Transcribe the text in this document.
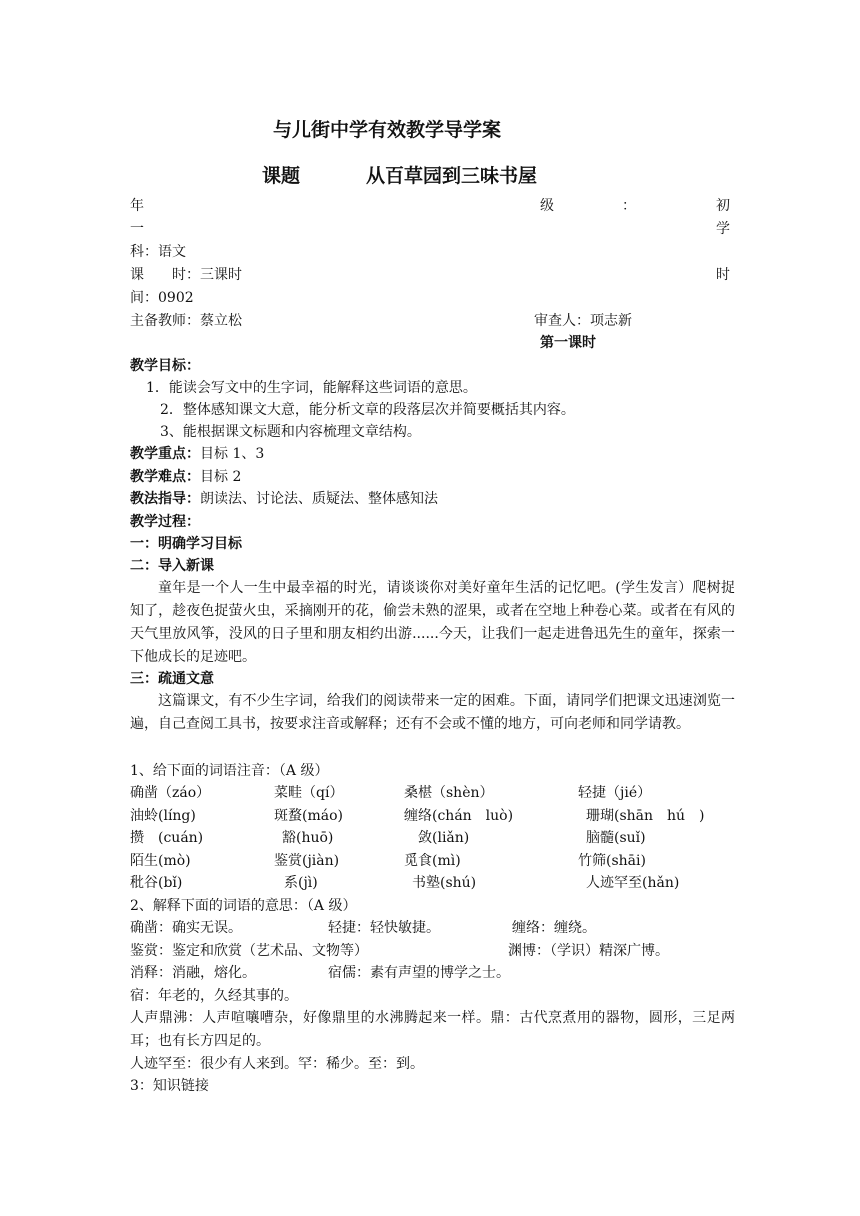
与儿街中学有效教学导学案
课题	从百草园到三味书屋
年	级	：	初
一	学
科：语文
课　　时：三课时	时
间：0902
主备教师：蔡立松	审查人：项志新
第一课时
教学目标：
1．能读会写文中的生字词，能解释这些词语的意思。
2．整体感知课文大意，能分析文章的段落层次并简要概括其内容。
3、能根据课文标题和内容梳理文章结构。
教学重点：目标 1、3
教学难点：目标 2
教法指导：朗读法、讨论法、质疑法、整体感知法
教学过程：
一：明确学习目标
二：导入新课
童年是一个人一生中最幸福的时光，请谈谈你对美好童年生活的记忆吧。(学生发言）爬树捉知了，趁夜色捉萤火虫，采摘刚开的花，偷尝未熟的涩果，或者在空地上种卷心菜。或者在有风的天气里放风筝，没风的日子里和朋友相约出游......今天，让我们一起走进鲁迅先生的童年，探索一下他成长的足迹吧。
三：疏通文意
这篇课文，有不少生字词，给我们的阅读带来一定的困难。下面，请同学们把课文迅速浏览一遍，自己查阅工具书，按要求注音或解释；还有不会或不懂的地方，可向老师和同学请教。
1、给下面的词语注音：（A 级）
确凿（záo）	菜畦（qí）	桑椹（shèn）	轻捷（jié）
油蛉(líng)	斑蝥(máo)	缠络(chán　luò)	珊瑚(shān　hú　)
攒　(cuán)	豁(huō)	敛(liǎn)	脑髓(suǐ)
陌生(mò)	鉴赏(jiàn)	觅食(mì)	竹筛(shāi)
秕谷(bǐ)	系(jì)	书塾(shú)	人迹罕至(hǎn)
2、解释下面的词语的意思：（A 级）
确凿：确实无误。	轻捷：轻快敏捷。	缠络：缠绕。
鉴赏：鉴定和欣赏（艺术品、文物等）	渊博：（学识）精深广博。
消释：消融，熔化。	宿儒：素有声望的博学之士。
宿：年老的，久经其事的。
人声鼎沸：人声喧嚷嘈杂，好像鼎里的水沸腾起来一样。鼎：古代烹煮用的器物，圆形，三足两耳；也有长方四足的。
人迹罕至：很少有人来到。罕：稀少。至：到。
3：知识链接
